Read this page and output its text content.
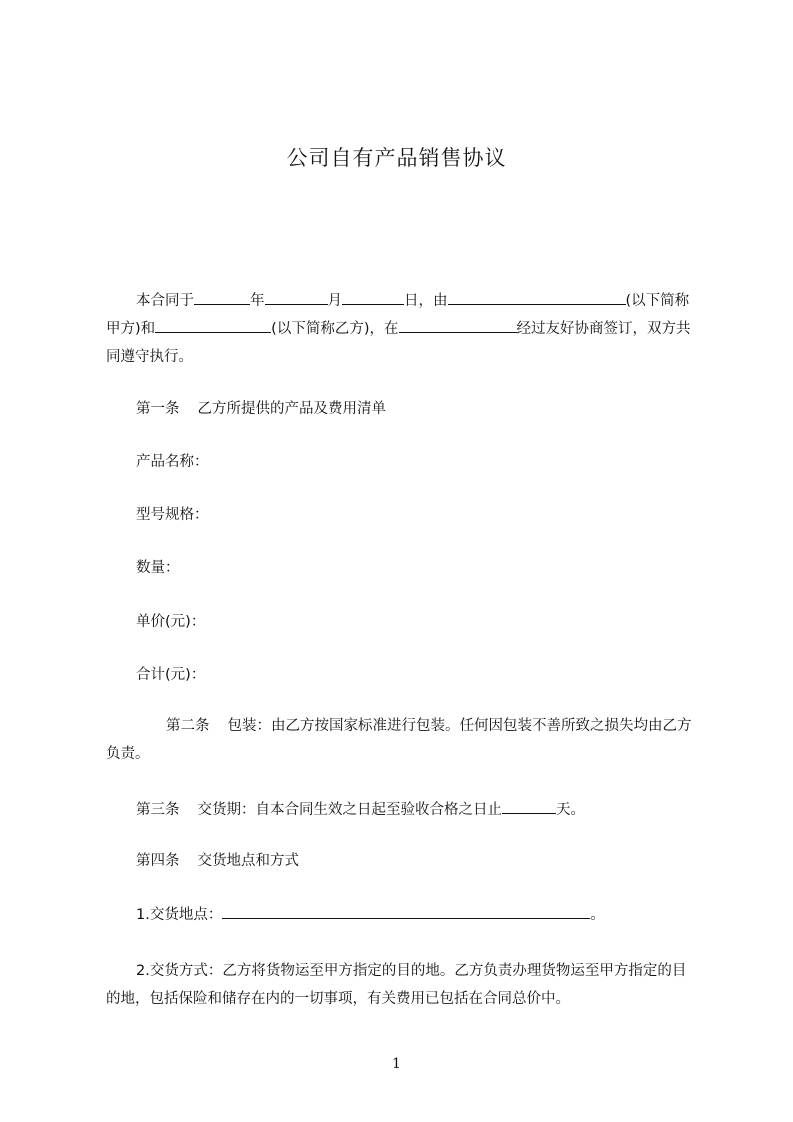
公司自有产品销售协议

本合同于	年	月	日，由	(以下简称甲方)和	(以下简称乙方)，在	经过友好协商签订，双方共同遵守执行。

第一条 乙方所提供的产品及费用清单
产品名称：
型号规格：
数量：
单价(元)：
合计(元)：

第二条 包装：由乙方按国家标准进行包装。任何因包装不善所致之损失均由乙方负责。

第三条 交货期：自本合同生效之日起至验收合格之日止	天。
第四条 交货地点和方式
1.交货地点：	。

2.交货方式：乙方将货物运至甲方指定的目的地。乙方负责办理货物运至甲方指定的目的地，包括保险和储存在内的一切事项，有关费用已包括在合同总价中。

1
